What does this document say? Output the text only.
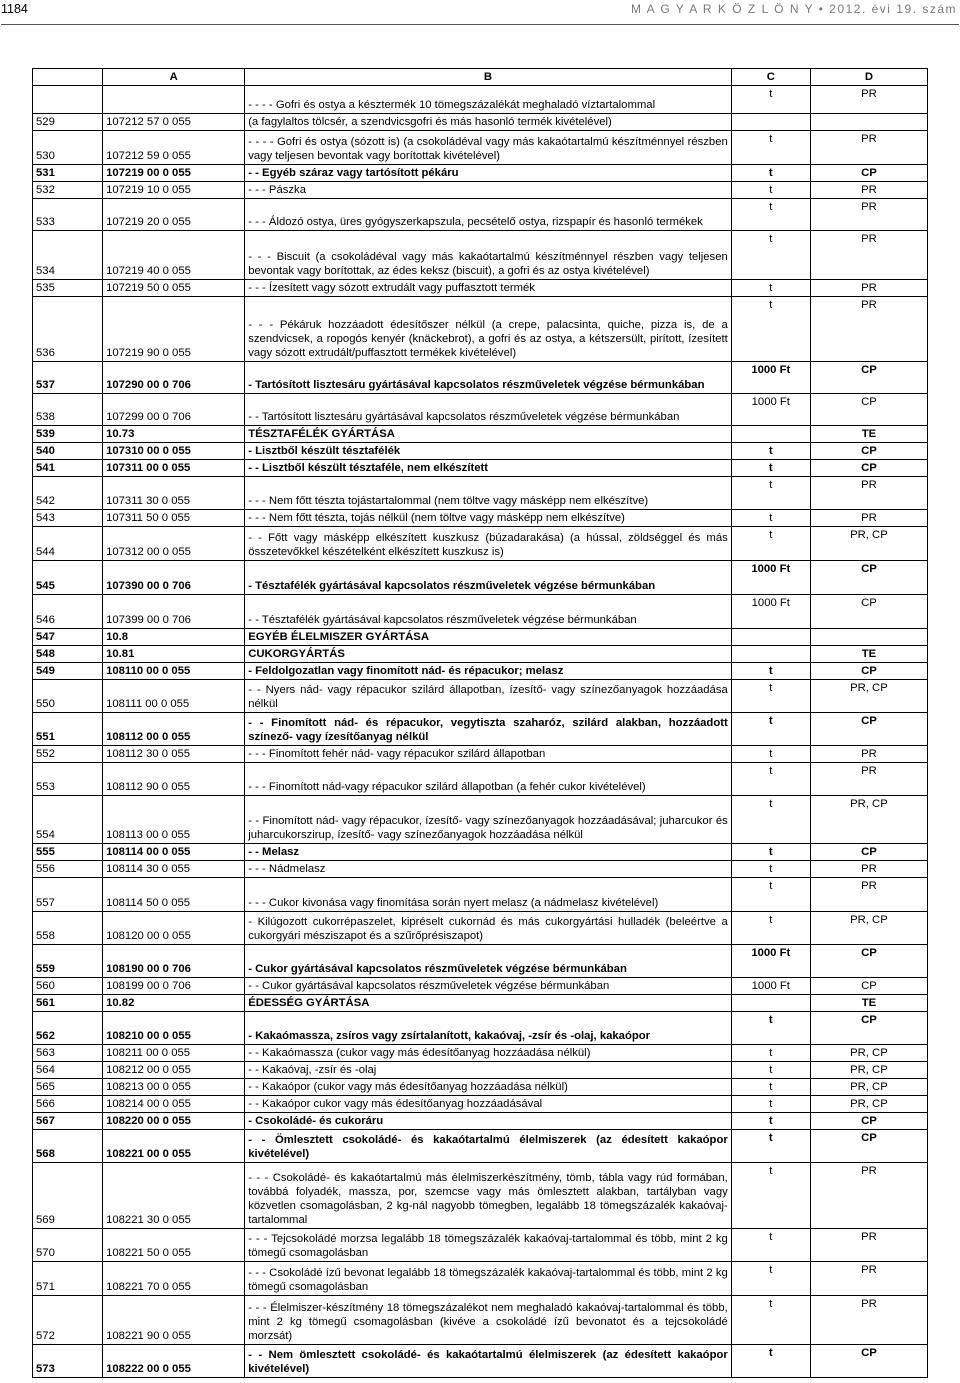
1184	M A G Y A R K Ö Z L Ö N Y • 2012. évi 19. szám
	A	B	C	D
		- - - - Gofri és ostya a késztermék 10 tömegszázalékát meghaladó víztartalommal	t	PR
529	107212 57 0 055	(a fagylaltos tölcsér, a szendvicsgofri és más hasonló termék kivételével)		
530	107212 59 0 055	- - - - Gofri és ostya (sózott is) (a csokoládéval vagy más kakaótartalmú készítménnyel részben vagy teljesen bevontak vagy borítottak kivételével)	t	PR
531	107219 00 0 055	- - Egyéb száraz vagy tartósított pékáru	t	CP
532	107219 10 0 055	- - - Pászka	t	PR
533	107219 20 0 055	- - - Áldozó ostya, üres gyógyszerkapszula, pecsételő ostya, rizspapír és hasonló termékek	t	PR
534	107219 40 0 055	- - - Biscuit (a csokoládéval vagy más kakaótartalmú készítménnyel részben vagy teljesen bevontak vagy borítottak, az édes keksz (biscuit), a gofri és az ostya kivételével)	t	PR
535	107219 50 0 055	- - - Ízesített vagy sózott extrudált vagy puffasztott termék	t	PR
536	107219 90 0 055	- - - Pékáruk hozzáadott édesítőszer nélkül (a crepe, palacsinta, quiche, pizza is, de a szendvicsek, a ropogós kenyér (knäckebrot), a gofri és az ostya, a kétszersült, pirított, ízesített vagy sózott extrudált/puffasztott termékek kivételével)	t	PR
537	107290 00 0 706	- Tartósított lisztesáru gyártásával kapcsolatos részműveletek végzése bérmunkában	1000 Ft	CP
538	107299 00 0 706	- - Tartósított lisztesáru gyártásával kapcsolatos részműveletek végzése bérmunkában	1000 Ft	CP
539	10.73	TÉSZTAFÉLÉK GYÁRTÁSA		TE
540	107310 00 0 055	- Lisztből készült tésztafélék	t	CP
541	107311 00 0 055	- - Lisztből készült tésztaféle, nem elkészített	t	CP
542	107311 30 0 055	- - - Nem főtt tészta tojástartalommal (nem töltve vagy másképp nem elkészítve)	t	PR
543	107311 50 0 055	- - - Nem főtt tészta, tojás nélkül (nem töltve vagy másképp nem elkészítve)	t	PR
544	107312 00 0 055	- - Főtt vagy másképp elkészített kuszkusz (búzadarakása) (a hússal, zöldséggel és más összetevőkkel készételként elkészített kuszkusz is)	t	PR, CP
545	107390 00 0 706	- Tésztafélék gyártásával kapcsolatos részműveletek végzése bérmunkában	1000 Ft	CP
546	107399 00 0 706	- - Tésztafélék gyártásával kapcsolatos részműveletek végzése bérmunkában	1000 Ft	CP
547	10.8	EGYÉB ÉLELMISZER GYÁRTÁSA		
548	10.81	CUKORGYÁRTÁS		TE
549	108110 00 0 055	- Feldolgozatlan vagy finomított nád- és répacukor; melasz	t	CP
550	108111 00 0 055	- - Nyers nád- vagy répacukor szilárd állapotban, ízesítő- vagy színezőanyagok hozzáadása nélkül	t	PR, CP
551	108112 00 0 055	- - Finomított nád- és répacukor, vegytiszta szaharóz, szilárd alakban, hozzáadott színező- vagy ízesítőanyag nélkül	t	CP
552	108112 30 0 055	- - - Finomított fehér nád- vagy répacukor szilárd állapotban	t	PR
553	108112 90 0 055	- - - Finomított nád-vagy répacukor szilárd állapotban (a fehér cukor kivételével)	t	PR
554	108113 00 0 055	- - Finomított nád- vagy répacukor, ízesítő- vagy színezőanyagok hozzáadásával; juharcukor és juharcukorszirup, ízesítő- vagy színezőanyagok hozzáadása nélkül	t	PR, CP
555	108114 00 0 055	- - Melasz	t	CP
556	108114 30 0 055	- - - Nádmelasz	t	PR
557	108114 50 0 055	- - - Cukor kivonása vagy finomítása során nyert melasz (a nádmelasz kivételével)	t	PR
558	108120 00 0 055	- Kilúgozott cukorrépaszelet, kipréselt cukornád és más cukorgyártási hulladék (beleértve a cukorgyári mésziszapot és a szűrőprésiszapot)	t	PR, CP
559	108190 00 0 706	- Cukor gyártásával kapcsolatos részműveletek végzése bérmunkában	1000 Ft	CP
560	108199 00 0 706	- - Cukor gyártásával kapcsolatos részműveletek végzése bérmunkában	1000 Ft	CP
561	10.82	ÉDESSÉG GYÁRTÁSA		TE
562	108210 00 0 055	- Kakaómassza, zsíros vagy zsírtalanított, kakaóvaj, -zsír és -olaj, kakaópor	t	CP
563	108211 00 0 055	- - Kakaómassza (cukor vagy más édesítőanyag hozzáadása nélkül)	t	PR, CP
564	108212 00 0 055	- - Kakaóvaj, -zsír és -olaj	t	PR, CP
565	108213 00 0 055	- - Kakaópor (cukor vagy más édesítőanyag hozzáadása nélkül)	t	PR, CP
566	108214 00 0 055	- - Kakaópor cukor vagy más édesítőanyag hozzáadásával	t	PR, CP
567	108220 00 0 055	- Csokoládé- és cukoráru	t	CP
568	108221 00 0 055	- - Ömlesztett csokoládé- és kakaótartalmú élelmiszerek (az édesített kakaópor kivételével)	t	CP
569	108221 30 0 055	- - - Csokoládé- és kakaótartalmú más élelmiszerkészítmény, tömb, tábla vagy rúd formában, továbbá folyadék, massza, por, szemcse vagy más ömlesztett alakban, tartályban vagy közvetlen csomagolásban, 2 kg-nál nagyobb tömegben, legalább 18 tömegszázalék kakaóvaj-tartalommal	t	PR
570	108221 50 0 055	- - - Tejcsokoládé morzsa legalább 18 tömegszázalék kakaóvaj-tartalommal és több, mint 2 kg tömegű csomagolásban	t	PR
571	108221 70 0 055	- - - Csokoládé ízű bevonat legalább 18 tömegszázalék kakaóvaj-tartalommal és több, mint 2 kg tömegű csomagolásban	t	PR
572	108221 90 0 055	- - - Élelmiszer-készítmény 18 tömegszázalékot nem meghaladó kakaóvaj-tartalommal és több, mint 2 kg tömegű csomagolásban (kivéve a csokoládé ízű bevonatot és a tejcsokoládé morzsát)	t	PR
573	108222 00 0 055	- - Nem ömlesztett csokoládé- és kakaótartalmú élelmiszerek (az édesített kakaópor kivételével)	t	CP
